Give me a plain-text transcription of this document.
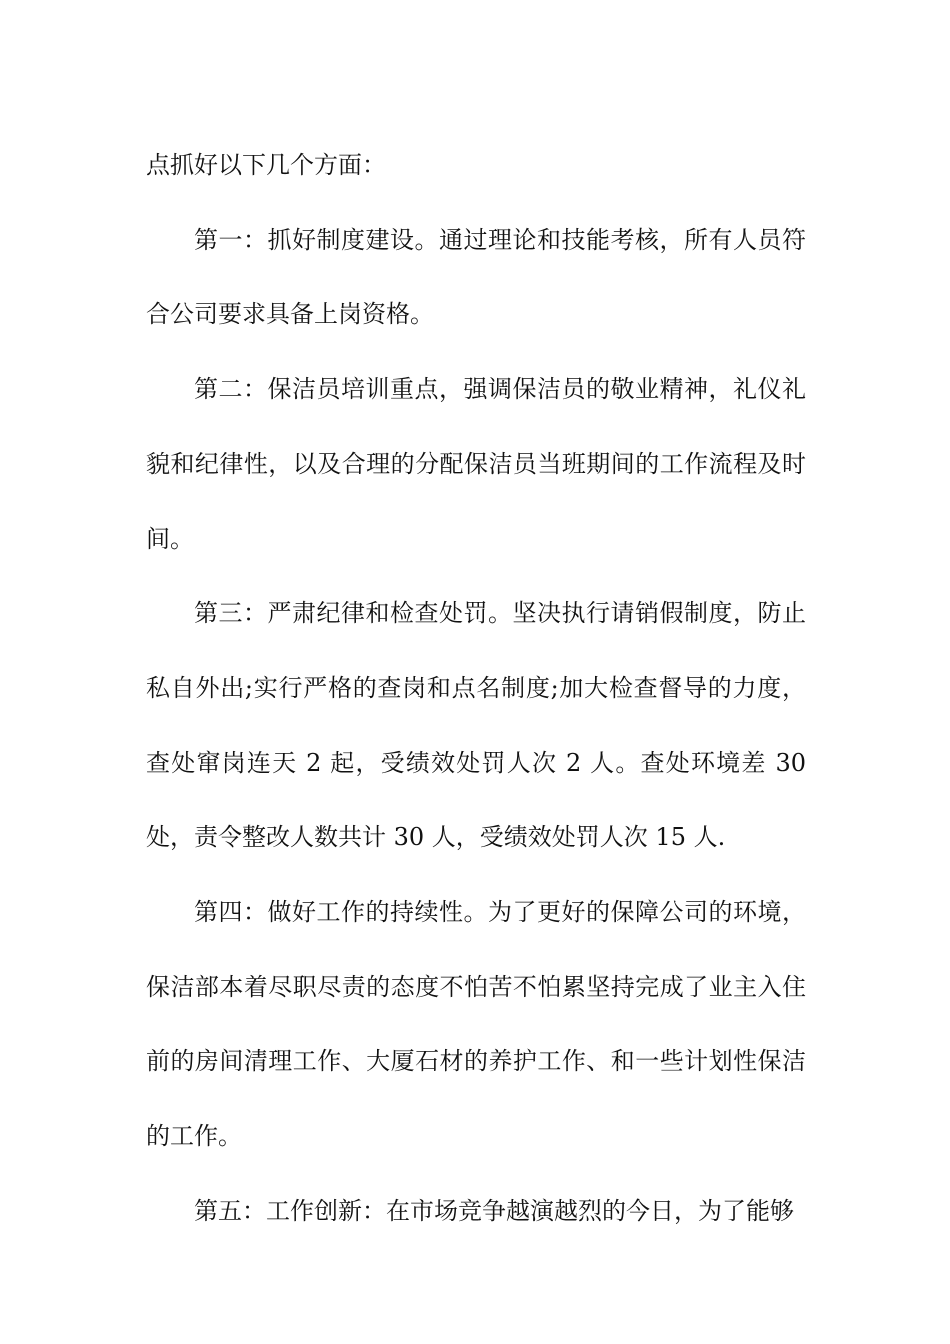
点抓好以下几个方面：

第一：抓好制度建设。通过理论和技能考核，所有人员符合公司要求具备上岗资格。

第二：保洁员培训重点，强调保洁员的敬业精神，礼仪礼貌和纪律性，以及合理的分配保洁员当班期间的工作流程及时间。

第三：严肃纪律和检查处罚。坚决执行请销假制度，防止私自外出;实行严格的查岗和点名制度;加大检查督导的力度，查处窜岗连天 2 起，受绩效处罚人次 2 人。查处环境差 30 处，责令整改人数共计 30 人，受绩效处罚人次 15 人.

第四：做好工作的持续性。为了更好的保障公司的环境，保洁部本着尽职尽责的态度不怕苦不怕累坚持完成了业主入住前的房间清理工作、大厦石材的养护工作、和一些计划性保洁的工作。

第五：工作创新：在市场竞争越演越烈的今日，为了能够
